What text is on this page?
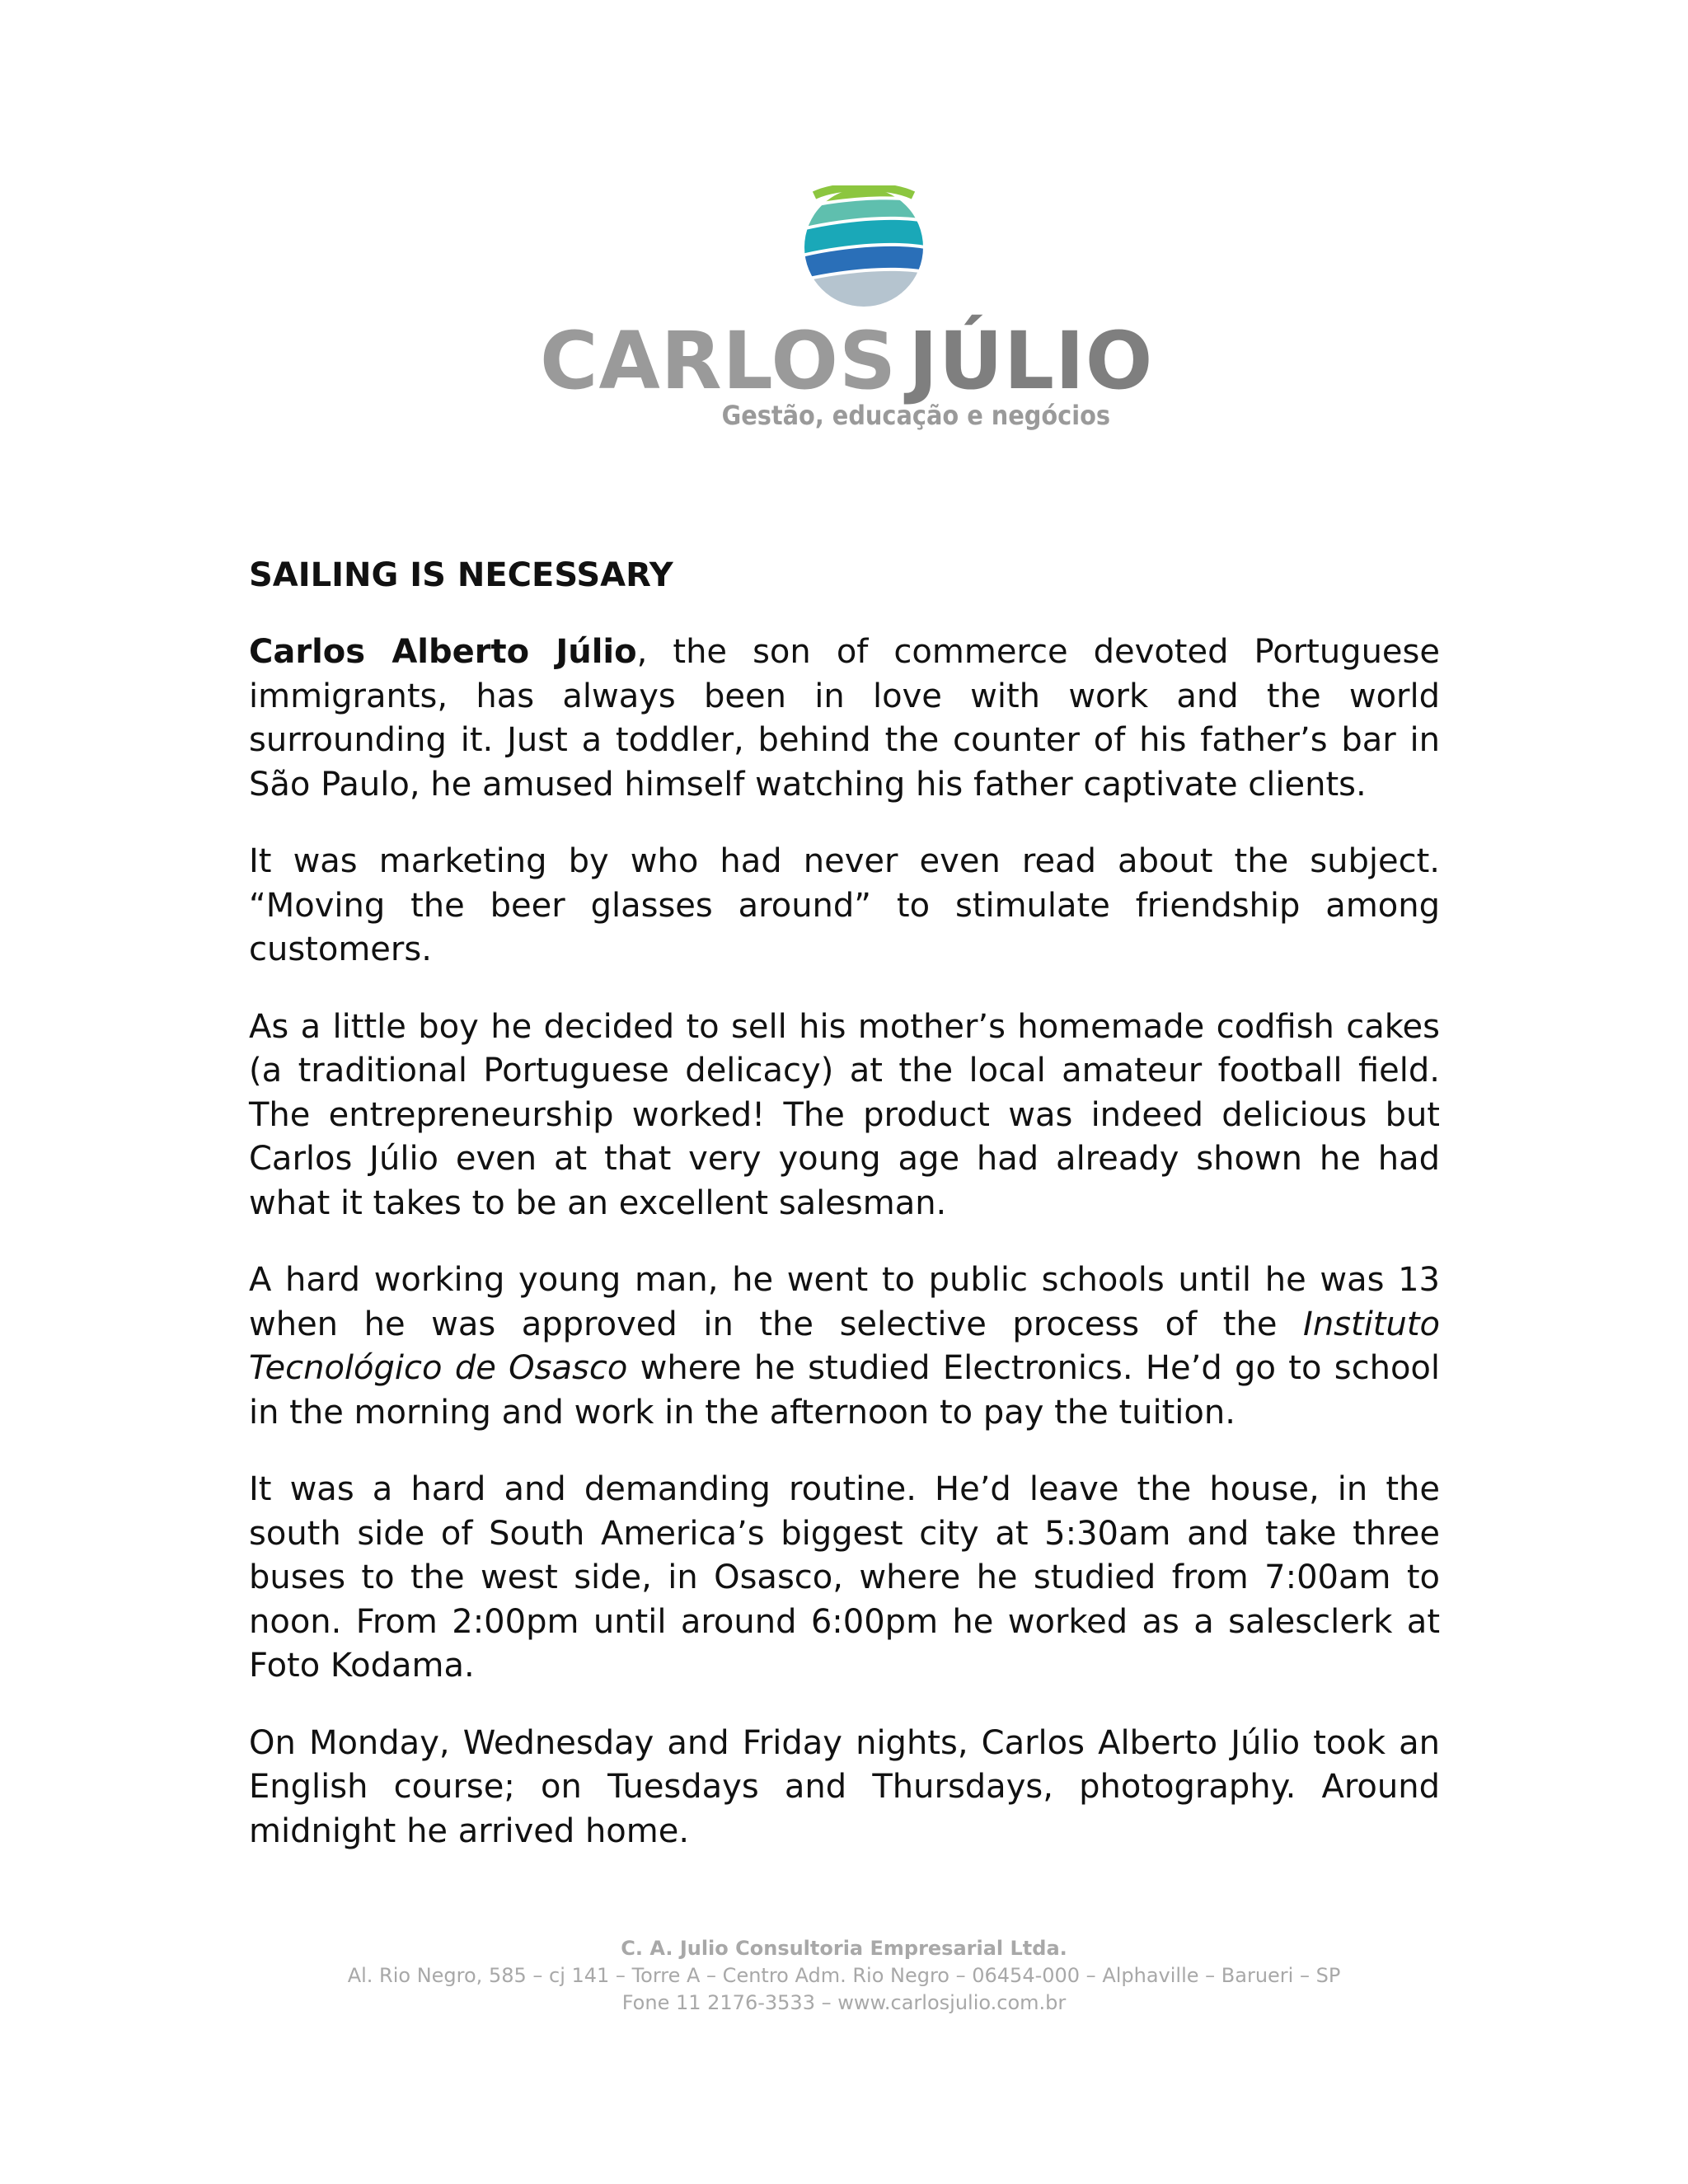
CARLOS JÚLIO
Gestão, educação e negócios
SAILING IS NECESSARY

Carlos Alberto Júlio, the son of commerce devoted Portuguese immigrants, has always been in love with work and the world surrounding it. Just a toddler, behind the counter of his father’s bar in São Paulo, he amused himself watching his father captivate clients.

It was marketing by who had never even read about the subject. “Moving the beer glasses around” to stimulate friendship among customers.

As a little boy he decided to sell his mother’s homemade codfish cakes (a traditional Portuguese delicacy) at the local amateur football field. The entrepreneurship worked! The product was indeed delicious but Carlos Júlio even at that very young age had already shown he had what it takes to be an excellent salesman.

A hard working young man, he went to public schools until he was 13 when he was approved in the selective process of the Instituto Tecnológico de Osasco where he studied Electronics. He’d go to school in the morning and work in the afternoon to pay the tuition.

It was a hard and demanding routine. He’d leave the house, in the south side of South America’s biggest city at 5:30am and take three buses to the west side, in Osasco, where he studied from 7:00am to noon. From 2:00pm until around 6:00pm he worked as a salesclerk at Foto Kodama.

On Monday, Wednesday and Friday nights, Carlos Alberto Júlio took an English course; on Tuesdays and Thursdays, photography. Around midnight he arrived home.

C. A. Julio Consultoria Empresarial Ltda.
Al. Rio Negro, 585 – cj 141 – Torre A – Centro Adm. Rio Negro – 06454-000 – Alphaville – Barueri – SP
Fone 11 2176-3533 – www.carlosjulio.com.br
